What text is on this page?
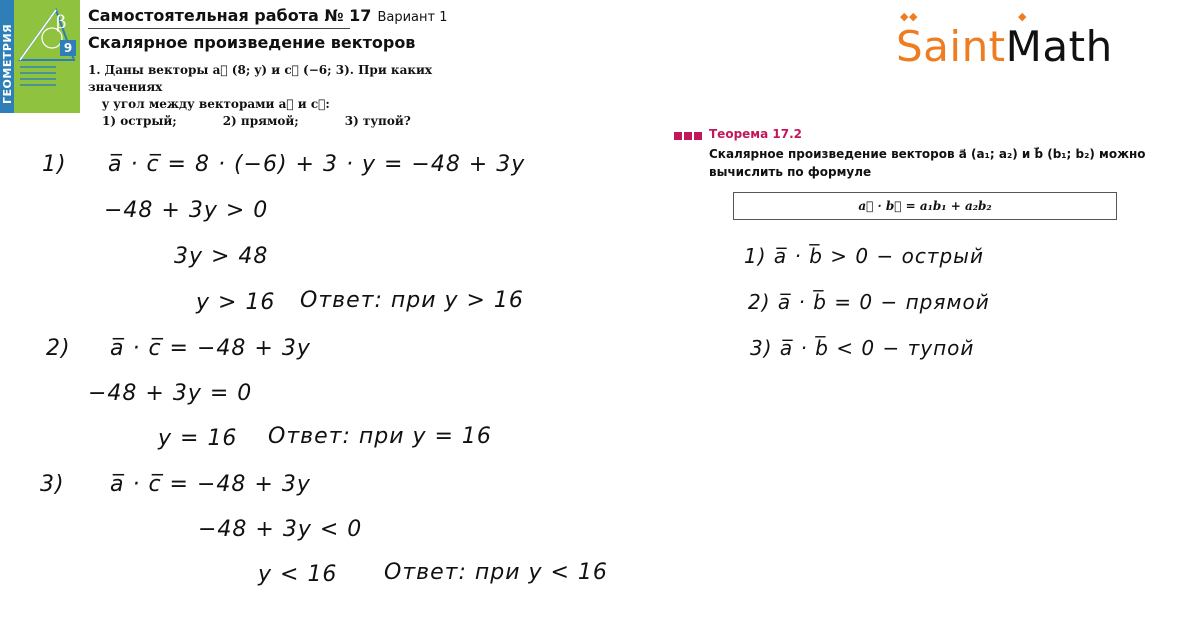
ГЕОМЕТРИЯ
β
9
Самостоятельная работа № 17 Вариант 1
Скалярное произведение векторов
1. Даны векторы a⃗ (8; y) и c⃗ (−6; 3). При каких значениях
y угол между векторами a⃗ и c⃗:
1) острый;	2) прямой;	3) тупой?
◆◆	◆
SaintMath
Теорема 17.2
Скалярное произведение векторов a⃗ (a₁; a₂) и b⃗ (b₁; b₂) можно вычислить по формуле
a⃗ · b⃗ = a₁b₁ + a₂b₂
1) a̅ · c̅ = 8 · (−6) + 3 · y = −48 + 3y
−48 + 3y > 0
3y > 48
y > 16 Ответ: при y > 16
2) a̅ · c̅ = −48 + 3y
−48 + 3y = 0
y = 16 Ответ: при y = 16
3) a̅ · c̅ = −48 + 3y
−48 + 3y < 0
y < 16 Ответ: при y < 16
1) a̅ · b̅ > 0 − острый
2) a̅ · b̅ = 0 − прямой
3) a̅ · b̅ < 0 − тупой
